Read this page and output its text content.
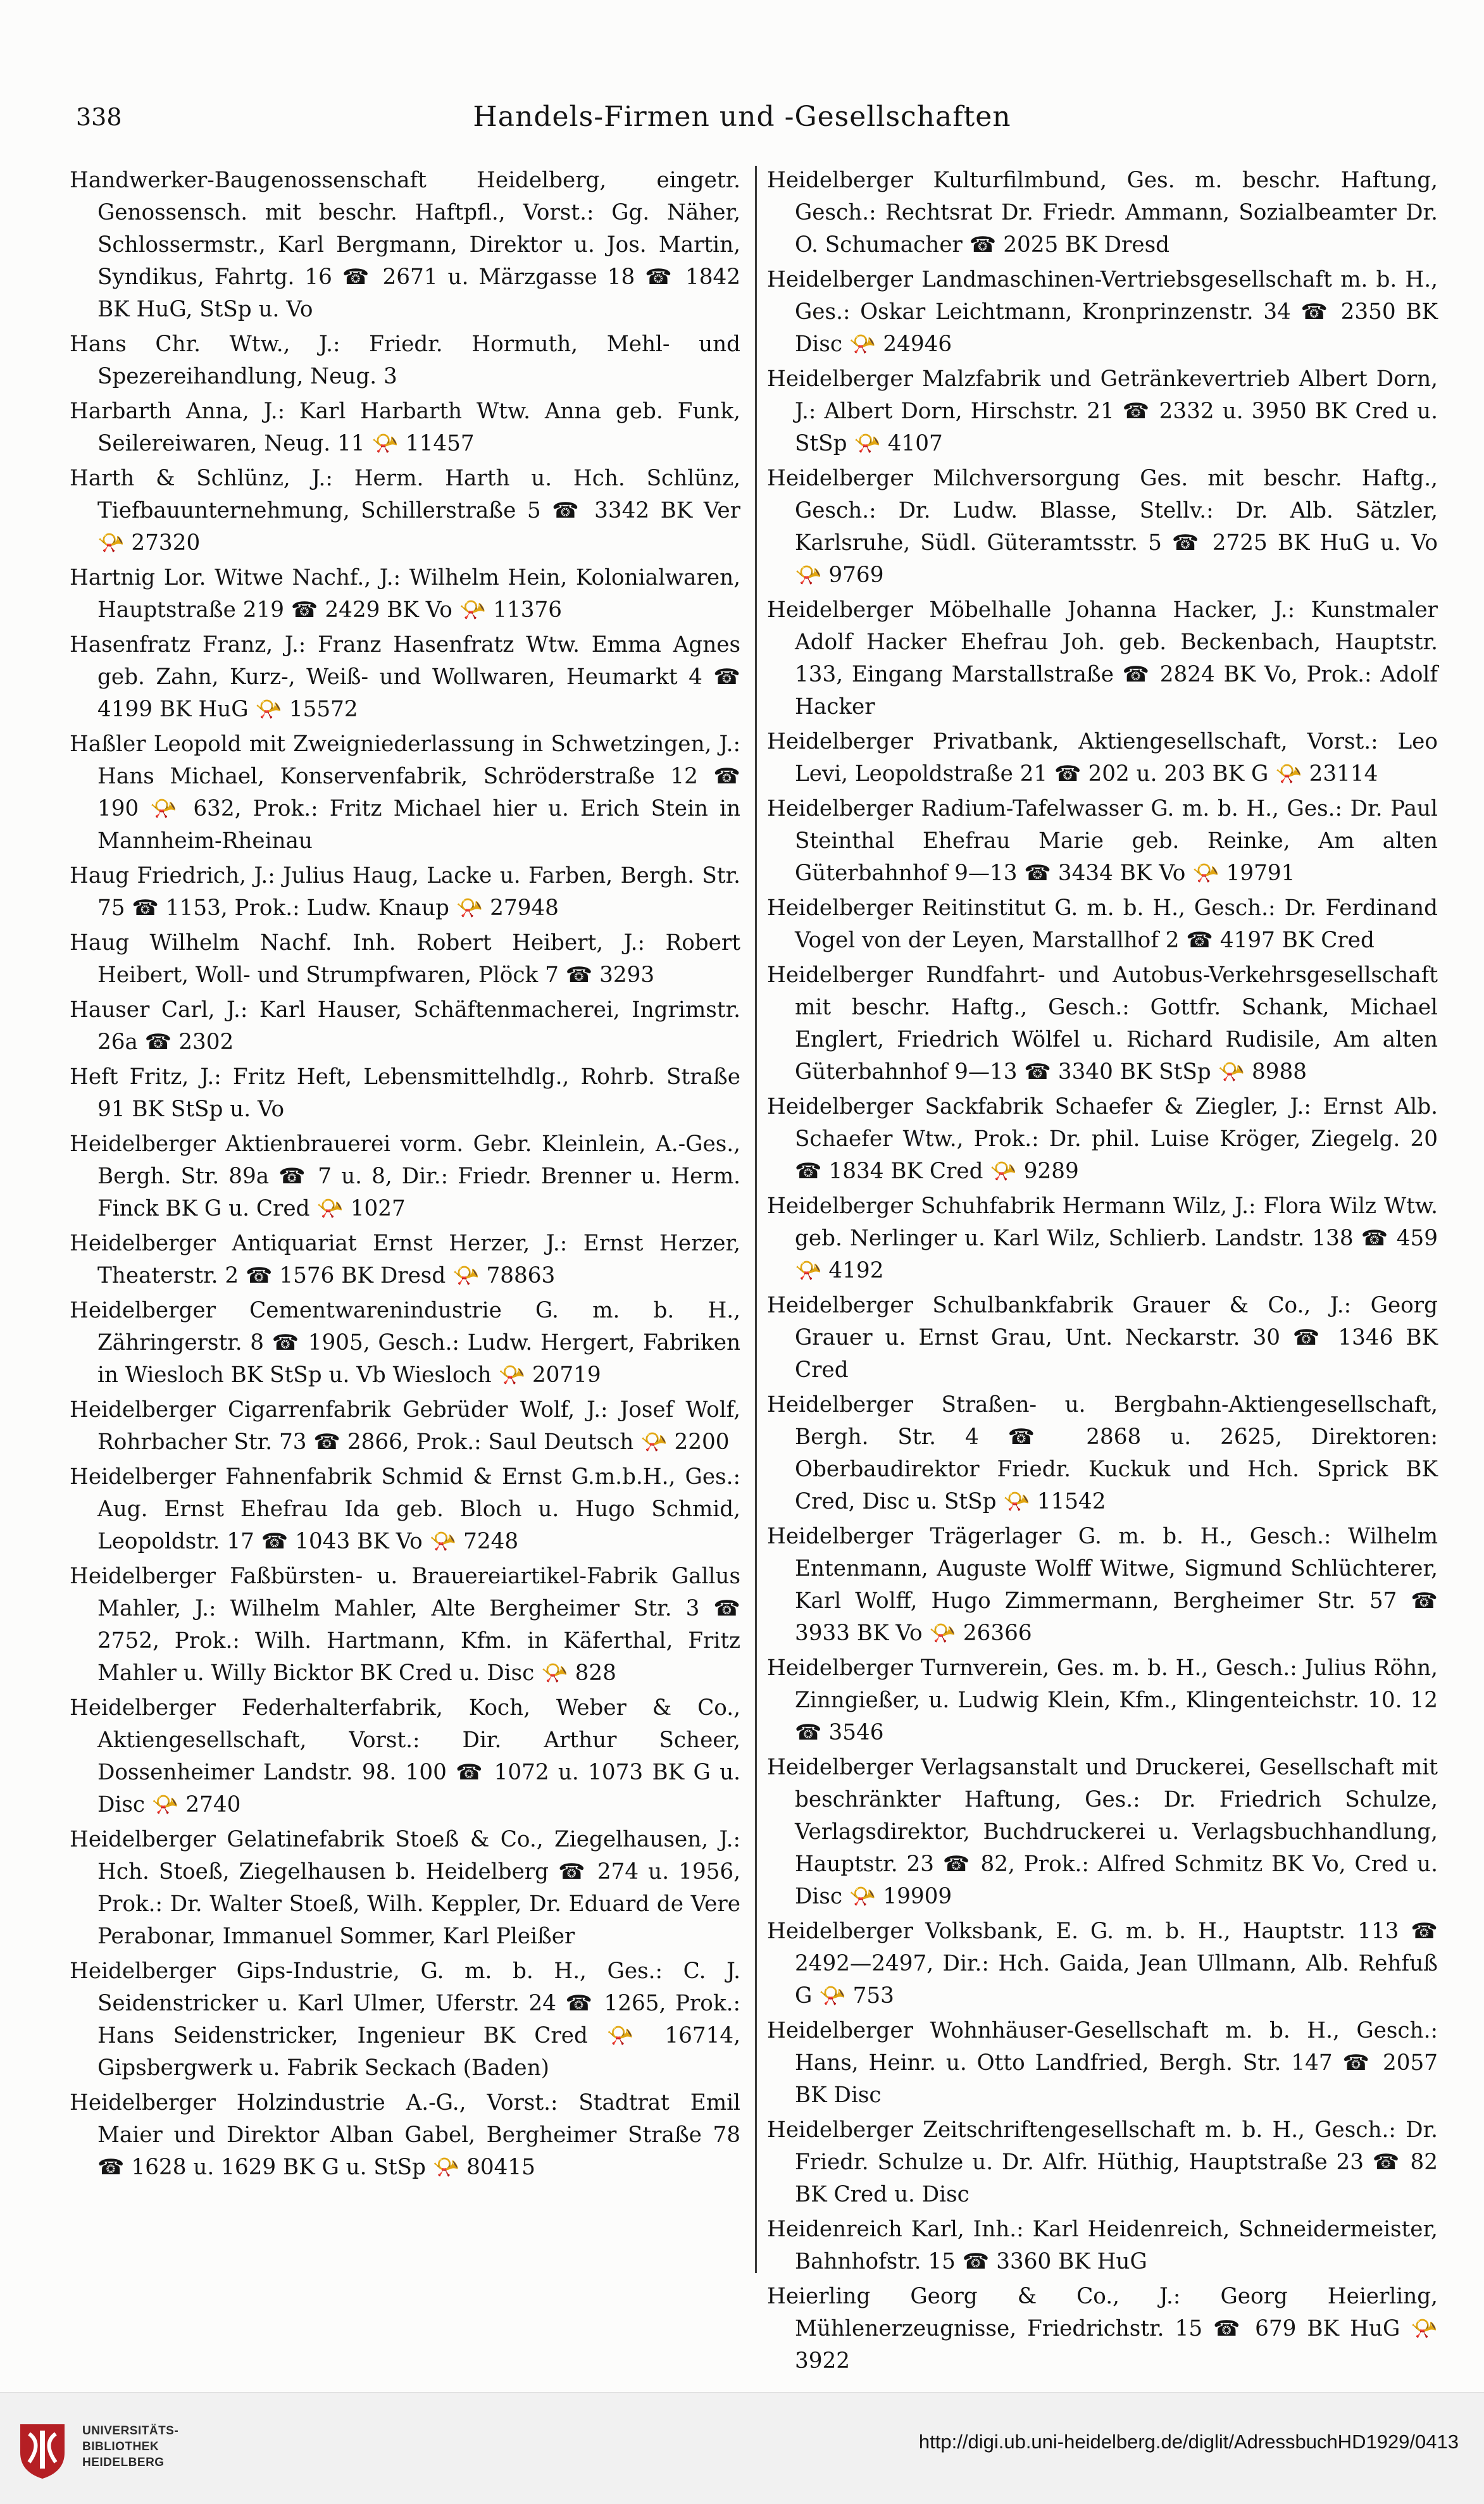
338	Handels-Firmen und -Gesellschaften

Handwerker-Baugenossenschaft Heidelberg, eingetr. Genossensch. mit beschr. Haftpfl., Vorst.: Gg. Näher, Schlossermstr., Karl Bergmann, Direktor u. Jos. Martin, Syndikus, Fahrtg. 16 ☎ 2671 u. Märzgasse 18 ☎ 1842 BK HuG, StSp u. Vo

Hans Chr. Wtw., J.: Friedr. Hormuth, Mehl- und Spezereihandlung, Neug. 3

Harbarth Anna, J.: Karl Harbarth Wtw. Anna geb. Funk, Seilereiwaren, Neug. 11 📯 11457

Harth & Schlünz, J.: Herm. Harth u. Hch. Schlünz, Tiefbauunternehmung, Schillerstraße 5 ☎ 3342 BK Ver 📯 27320

Hartnig Lor. Witwe Nachf., J.: Wilhelm Hein, Kolonialwaren, Hauptstraße 219 ☎ 2429 BK Vo 📯 11376

Hasenfratz Franz, J.: Franz Hasenfratz Wtw. Emma Agnes geb. Zahn, Kurz-, Weiß- und Wollwaren, Heumarkt 4 ☎ 4199 BK HuG 📯 15572

Haßler Leopold mit Zweigniederlassung in Schwetzingen, J.: Hans Michael, Konservenfabrik, Schröderstraße 12 ☎ 190 📯 632, Prok.: Fritz Michael hier u. Erich Stein in Mannheim-Rheinau

Haug Friedrich, J.: Julius Haug, Lacke u. Farben, Bergh. Str. 75 ☎ 1153, Prok.: Ludw. Knaup 📯 27948

Haug Wilhelm Nachf. Inh. Robert Heibert, J.: Robert Heibert, Woll- und Strumpfwaren, Plöck 7 ☎ 3293

Hauser Carl, J.: Karl Hauser, Schäftenmacherei, Ingrimstr. 26a ☎ 2302

Heft Fritz, J.: Fritz Heft, Lebensmittelhdlg., Rohrb. Straße 91 BK StSp u. Vo

Heidelberger Aktienbrauerei vorm. Gebr. Kleinlein, A.-Ges., Bergh. Str. 89a ☎ 7 u. 8, Dir.: Friedr. Brenner u. Herm. Finck BK G u. Cred 📯 1027

Heidelberger Antiquariat Ernst Herzer, J.: Ernst Herzer, Theaterstr. 2 ☎ 1576 BK Dresd 📯 78863

Heidelberger Cementwarenindustrie G. m. b. H., Zähringerstr. 8 ☎ 1905, Gesch.: Ludw. Hergert, Fabriken in Wiesloch BK StSp u. Vb Wiesloch 📯 20719

Heidelberger Cigarrenfabrik Gebrüder Wolf, J.: Josef Wolf, Rohrbacher Str. 73 ☎ 2866, Prok.: Saul Deutsch 📯 2200

Heidelberger Fahnenfabrik Schmid & Ernst G.m.b.H., Ges.: Aug. Ernst Ehefrau Ida geb. Bloch u. Hugo Schmid, Leopoldstr. 17 ☎ 1043 BK Vo 📯 7248

Heidelberger Faßbürsten- u. Brauereiartikel-Fabrik Gallus Mahler, J.: Wilhelm Mahler, Alte Bergheimer Str. 3 ☎ 2752, Prok.: Wilh. Hartmann, Kfm. in Käferthal, Fritz Mahler u. Willy Bicktor BK Cred u. Disc 📯 828

Heidelberger Federhalterfabrik, Koch, Weber & Co., Aktiengesellschaft, Vorst.: Dir. Arthur Scheer, Dossenheimer Landstr. 98. 100 ☎ 1072 u. 1073 BK G u. Disc 📯 2740

Heidelberger Gelatinefabrik Stoeß & Co., Ziegelhausen, J.: Hch. Stoeß, Ziegelhausen b. Heidelberg ☎ 274 u. 1956, Prok.: Dr. Walter Stoeß, Wilh. Keppler, Dr. Eduard de Vere Perabonar, Immanuel Sommer, Karl Pleißer

Heidelberger Gips-Industrie, G. m. b. H., Ges.: C. J. Seidenstricker u. Karl Ulmer, Uferstr. 24 ☎ 1265, Prok.: Hans Seidenstricker, Ingenieur BK Cred 📯 16714, Gipsbergwerk u. Fabrik Seckach (Baden)

Heidelberger Holzindustrie A.-G., Vorst.: Stadtrat Emil Maier und Direktor Alban Gabel, Bergheimer Straße 78 ☎ 1628 u. 1629 BK G u. StSp 📯 80415

Heidelberger Kulturfilmbund, Ges. m. beschr. Haftung, Gesch.: Rechtsrat Dr. Friedr. Ammann, Sozialbeamter Dr. O. Schumacher ☎ 2025 BK Dresd

Heidelberger Landmaschinen-Vertriebsgesellschaft m. b. H., Ges.: Oskar Leichtmann, Kronprinzenstr. 34 ☎ 2350 BK Disc 📯 24946

Heidelberger Malzfabrik und Getränkevertrieb Albert Dorn, J.: Albert Dorn, Hirschstr. 21 ☎ 2332 u. 3950 BK Cred u. StSp 📯 4107

Heidelberger Milchversorgung Ges. mit beschr. Haftg., Gesch.: Dr. Ludw. Blasse, Stellv.: Dr. Alb. Sätzler, Karlsruhe, Südl. Güteramtsstr. 5 ☎ 2725 BK HuG u. Vo 📯 9769

Heidelberger Möbelhalle Johanna Hacker, J.: Kunstmaler Adolf Hacker Ehefrau Joh. geb. Beckenbach, Hauptstr. 133, Eingang Marstallstraße ☎ 2824 BK Vo, Prok.: Adolf Hacker

Heidelberger Privatbank, Aktiengesellschaft, Vorst.: Leo Levi, Leopoldstraße 21 ☎ 202 u. 203 BK G 📯 23114

Heidelberger Radium-Tafelwasser G. m. b. H., Ges.: Dr. Paul Steinthal Ehefrau Marie geb. Reinke, Am alten Güterbahnhof 9—13 ☎ 3434 BK Vo 📯 19791

Heidelberger Reitinstitut G. m. b. H., Gesch.: Dr. Ferdinand Vogel von der Leyen, Marstallhof 2 ☎ 4197 BK Cred

Heidelberger Rundfahrt- und Autobus-Verkehrsgesellschaft mit beschr. Haftg., Gesch.: Gottfr. Schank, Michael Englert, Friedrich Wölfel u. Richard Rudisile, Am alten Güterbahnhof 9—13 ☎ 3340 BK StSp 📯 8988

Heidelberger Sackfabrik Schaefer & Ziegler, J.: Ernst Alb. Schaefer Wtw., Prok.: Dr. phil. Luise Kröger, Ziegelg. 20 ☎ 1834 BK Cred 📯 9289

Heidelberger Schuhfabrik Hermann Wilz, J.: Flora Wilz Wtw. geb. Nerlinger u. Karl Wilz, Schlierb. Landstr. 138 ☎ 459 📯 4192

Heidelberger Schulbankfabrik Grauer & Co., J.: Georg Grauer u. Ernst Grau, Unt. Neckarstr. 30 ☎ 1346 BK Cred

Heidelberger Straßen- u. Bergbahn-Aktiengesellschaft, Bergh. Str. 4 ☎ 2868 u. 2625, Direktoren: Oberbaudirektor Friedr. Kuckuk und Hch. Sprick BK Cred, Disc u. StSp 📯 11542

Heidelberger Trägerlager G. m. b. H., Gesch.: Wilhelm Entenmann, Auguste Wolff Witwe, Sigmund Schlüchterer, Karl Wolff, Hugo Zimmermann, Bergheimer Str. 57 ☎ 3933 BK Vo 📯 26366

Heidelberger Turnverein, Ges. m. b. H., Gesch.: Julius Röhn, Zinngießer, u. Ludwig Klein, Kfm., Klingenteichstr. 10. 12 ☎ 3546

Heidelberger Verlagsanstalt und Druckerei, Gesellschaft mit beschränkter Haftung, Ges.: Dr. Friedrich Schulze, Verlagsdirektor, Buchdruckerei u. Verlagsbuchhandlung, Hauptstr. 23 ☎ 82, Prok.: Alfred Schmitz BK Vo, Cred u. Disc 📯 19909

Heidelberger Volksbank, E. G. m. b. H., Hauptstr. 113 ☎ 2492—2497, Dir.: Hch. Gaida, Jean Ullmann, Alb. Rehfuß G 📯 753

Heidelberger Wohnhäuser-Gesellschaft m. b. H., Gesch.: Hans, Heinr. u. Otto Landfried, Bergh. Str. 147 ☎ 2057 BK Disc

Heidelberger Zeitschriftengesellschaft m. b. H., Gesch.: Dr. Friedr. Schulze u. Dr. Alfr. Hüthig, Hauptstraße 23 ☎ 82 BK Cred u. Disc

Heidenreich Karl, Inh.: Karl Heidenreich, Schneidermeister, Bahnhofstr. 15 ☎ 3360 BK HuG

Heierling Georg & Co., J.: Georg Heierling, Mühlenerzeugnisse, Friedrichstr. 15 ☎ 679 BK HuG 📯 3922

UNIVERSITÄTS-
BIBLIOTHEK
HEIDELBERG
http://digi.ub.uni-heidelberg.de/diglit/AdressbuchHD1929/0413
